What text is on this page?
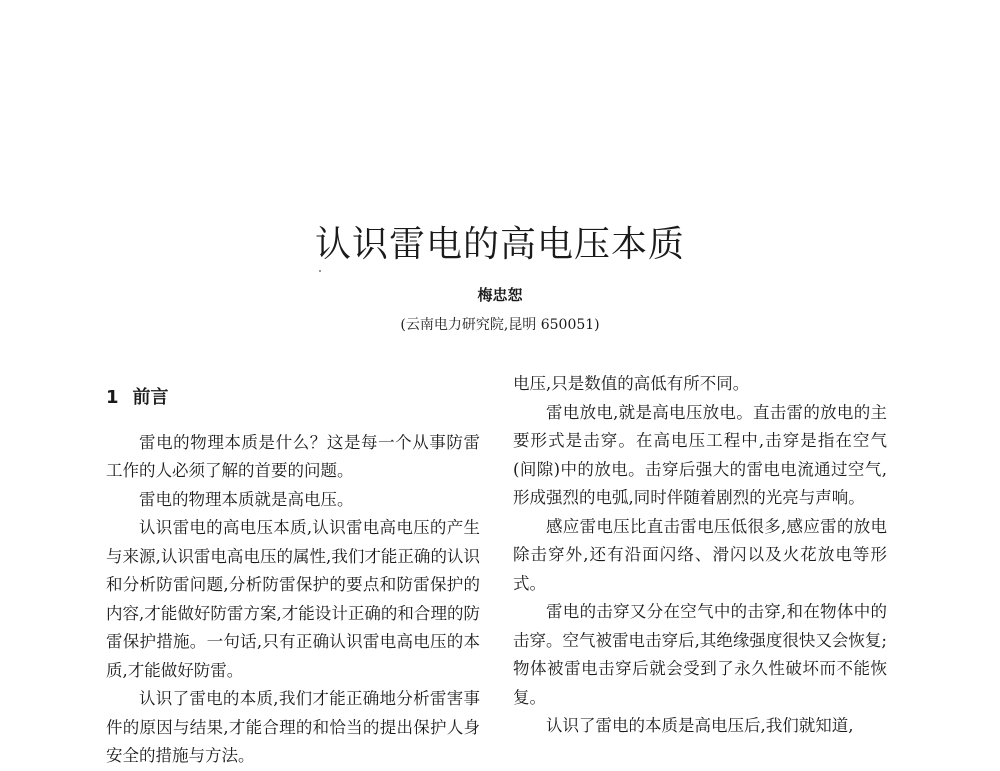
认识雷电的高电压本质
梅忠恕
(云南电力研究院,昆明 650051)
1 前言

雷电的物理本质是什么？这是每一个从事防雷工作的人必须了解的首要的问题。

雷电的物理本质就是高电压。

认识雷电的高电压本质,认识雷电高电压的产生与来源,认识雷电高电压的属性,我们才能正确的认识和分析防雷问题,分析防雷保护的要点和防雷保护的内容,才能做好防雷方案,才能设计正确的和合理的防雷保护措施。一句话,只有正确认识雷电高电压的本质,才能做好防雷。

认识了雷电的本质,我们才能正确地分析雷害事件的原因与结果,才能合理的和恰当的提出保护人身安全的措施与方法。

电压,只是数值的高低有所不同。

雷电放电,就是高电压放电。直击雷的放电的主要形式是击穿。在高电压工程中,击穿是指在空气(间隙)中的放电。击穿后强大的雷电电流通过空气,形成强烈的电弧,同时伴随着剧烈的光亮与声响。

感应雷电压比直击雷电压低很多,感应雷的放电除击穿外,还有沿面闪络、滑闪以及火花放电等形式。

雷电的击穿又分在空气中的击穿,和在物体中的击穿。空气被雷电击穿后,其绝缘强度很快又会恢复;物体被雷电击穿后就会受到了永久性破坏而不能恢复。

认识了雷电的本质是高电压后,我们就知道,
